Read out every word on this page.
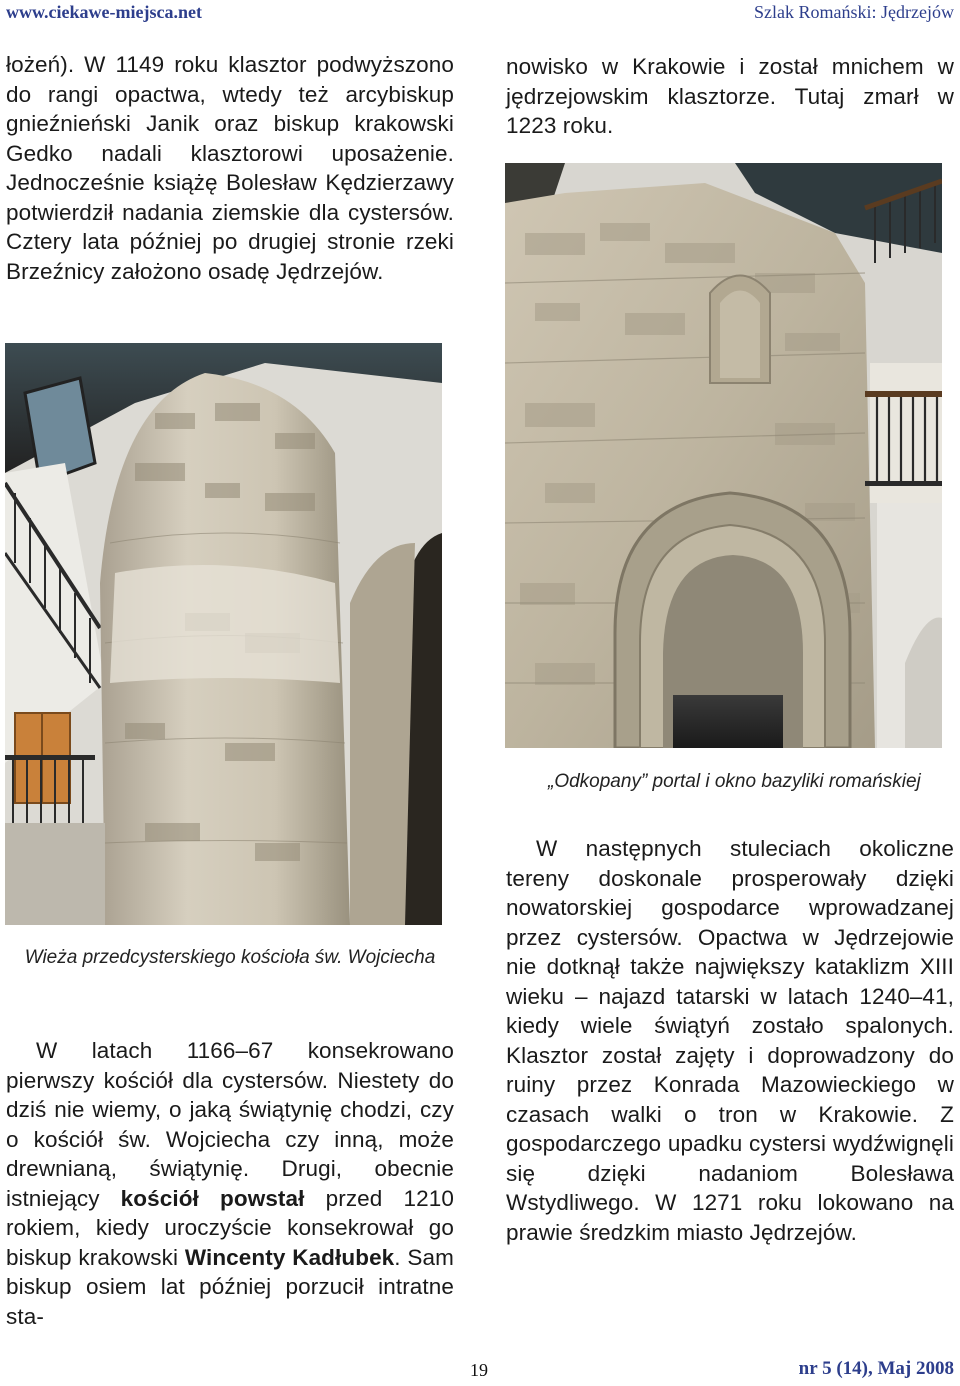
www.ciekawe-miejsca.net	Szlak Romański: Jędrzejów

łożeń). W 1149 roku klasztor podwyższono do rangi opactwa, wtedy też arcybiskup gnieźnieński Janik oraz biskup krakowski Gedko nadali klasztorowi uposażenie. Jednocześnie książę Bolesław Kędzierzawy potwierdził nadania ziemskie dla cystersów. Cztery lata później po drugiej stronie rzeki Brzeźnicy założono osadę Jędrzejów.

nowisko w Krakowie i został mnichem w jędrzejowskim klasztorze. Tutaj zmarł w 1223 roku.

„Odkopany” portal i okno bazyliki romańskiej
Wieża przedcysterskiego kościoła św. Wojciecha

W latach 1166–67 konsekrowano pierwszy kościół dla cystersów. Niestety do dziś nie wiemy, o jaką świątynię chodzi, czy o kościół św. Wojciecha czy inną, może drewnianą, świątynię. Drugi, obecnie istniejący kościół powstał przed 1210 rokiem, kiedy uroczyście konsekrował go biskup krakowski Wincenty Kadłubek. Sam biskup osiem lat później porzucił intratne sta-

W następnych stuleciach okoliczne tereny doskonale prosperowały dzięki nowatorskiej gospodarce wprowadzanej przez cystersów. Opactwa w Jędrzejowie nie dotknął także największy kataklizm XIII wieku – najazd tatarski w latach 1240–41, kiedy wiele świątyń zostało spalonych. Klasztor został zajęty i doprowadzony do ruiny przez Konrada Mazowieckiego w czasach walki o tron w Krakowie. Z gospodarczego upadku cystersi wydźwignęli się dzięki nadaniom Bolesława Wstydliwego. W 1271 roku lokowano na prawie średzkim miasto Jędrzejów.

19	nr 5 (14), Maj 2008
